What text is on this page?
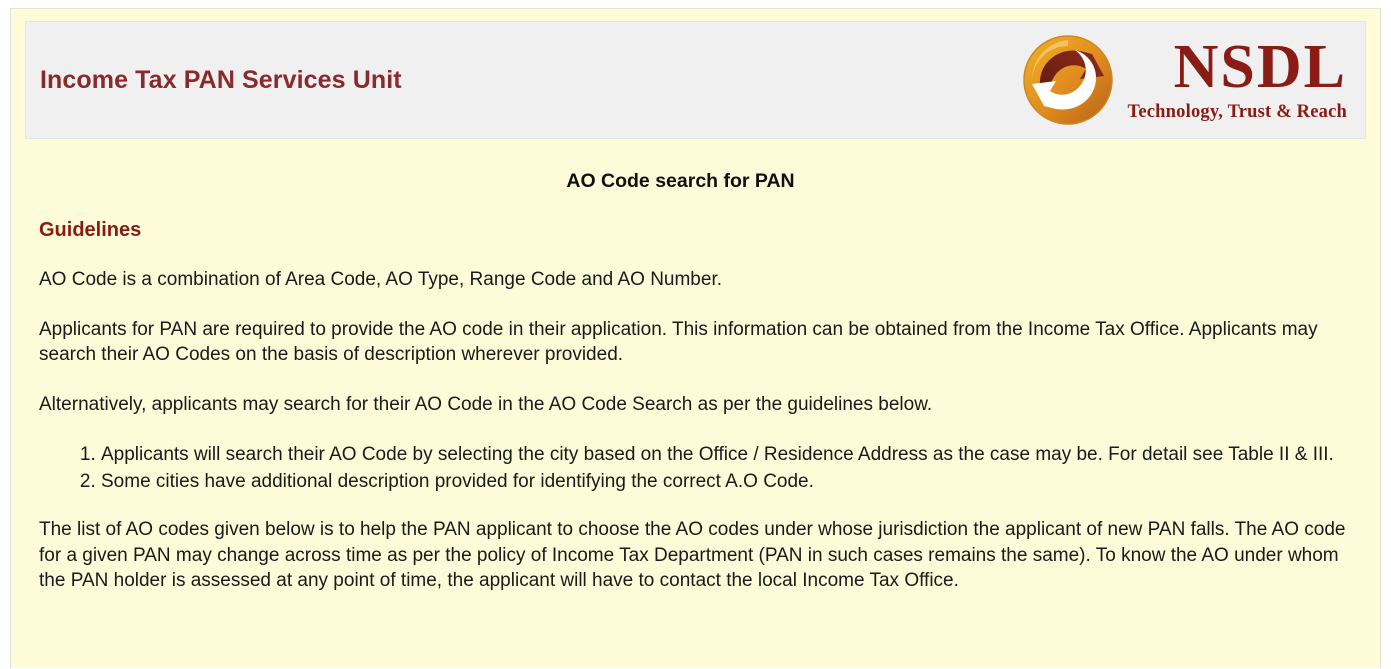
Income Tax PAN Services Unit	NSDL
Technology, Trust & Reach
AO Code search for PAN
Guidelines

AO Code is a combination of Area Code, AO Type, Range Code and AO Number.

Applicants for PAN are required to provide the AO code in their application. This information can be obtained from the Income Tax Office. Applicants may search their AO Codes on the basis of description wherever provided.

Alternatively, applicants may search for their AO Code in the AO Code Search as per the guidelines below.

1. Applicants will search their AO Code by selecting the city based on the Office / Residence Address as the case may be. For detail see Table II & III.
2. Some cities have additional description provided for identifying the correct A.O Code.

The list of AO codes given below is to help the PAN applicant to choose the AO codes under whose jurisdiction the applicant of new PAN falls. The AO code for a given PAN may change across time as per the policy of Income Tax Department (PAN in such cases remains the same). To know the AO under whom the PAN holder is assessed at any point of time, the applicant will have to contact the local Income Tax Office.
